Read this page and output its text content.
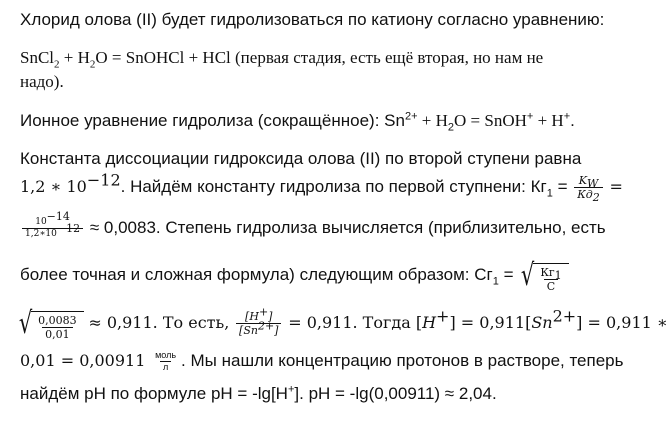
Хлорид олова (II) будет гидролизоваться по катиону согласно уравнению:
SnCl$_2$ + $H_2O$ = SnOHCl + HCl (первая стадия, есть ещё вторая, но нам не
надо).
Ионное уравнение гидролиза (сокращённое): $Sn^{2+} + H_2O$ = SnOH+ + H+.
Константа диссоциации гидроксида олова (II) по второй ступени равна
1,2 ∗ $10^{-12}$. Найдём константу гидролиза по первой ступнени: $Кг_1 = \frac{K_W}{Кд_2}$ =
$\frac{10^{-14}}{1,2∗10^{-12}} \approx 0,0083$. Степень гидролиза вычисляется (приблизительно, есть
более точная и сложная формула) следующим образом: $Сг_1$ = √ $\frac{Кг_1}{C}$
√ $\frac{0,0083}{0,01} \approx 0,911$. То есть, $\frac{[H^+]}{[Sn^{2+}]} = 0,911$. Тогда $[H^+] = 0,911[Sn^{2+}] = 0,911$ ∗
$0,01 = 0,00911 \frac{\text{моль}}{л}$ . Мы нашли концентрацию протонов в растворе, теперь
найдём рН по формуле рН = -lg[H+]. рН = -lg(0,00911) ≈ 2,04.
